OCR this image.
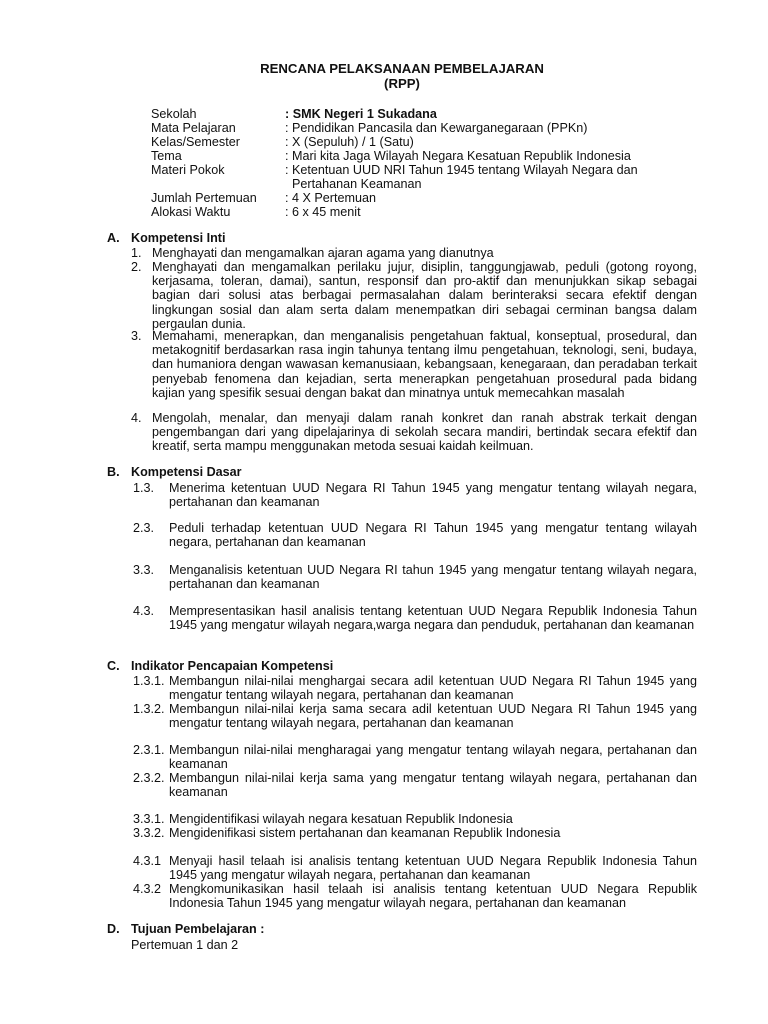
RENCANA PELAKSANAAN PEMBELAJARAN
(RPP)
Sekolah	: SMK Negeri 1 Sukadana
Mata Pelajaran	: Pendidikan Pancasila dan Kewarganegaraan (PPKn)
Kelas/Semester	: X (Sepuluh) / 1 (Satu)
Tema	: Mari kita Jaga Wilayah Negara Kesatuan Republik Indonesia
Materi Pokok	: Ketentuan UUD NRI Tahun 1945 tentang Wilayah Negara dan
Pertahanan Keamanan
Jumlah Pertemuan : 4 X Pertemuan
Alokasi Waktu	: 6 x 45 menit
A. Kompetensi Inti
1. Menghayati dan mengamalkan ajaran agama yang dianutnya
2. Menghayati dan mengamalkan perilaku jujur, disiplin, tanggungjawab, peduli (gotong royong, kerjasama, toleran, damai), santun, responsif dan pro-aktif dan menunjukkan sikap sebagai bagian dari solusi atas berbagai permasalahan dalam berinteraksi secara efektif dengan lingkungan sosial dan alam serta dalam menempatkan diri sebagai cerminan bangsa dalam pergaulan dunia.
3. Memahami, menerapkan, dan menganalisis pengetahuan faktual, konseptual, prosedural, dan metakognitif berdasarkan rasa ingin tahunya tentang ilmu pengetahuan, teknologi, seni, budaya, dan humaniora dengan wawasan kemanusiaan, kebangsaan, kenegaraan, dan peradaban terkait penyebab fenomena dan kejadian, serta menerapkan pengetahuan prosedural pada bidang kajian yang spesifik sesuai dengan bakat dan minatnya untuk memecahkan masalah
4. Mengolah, menalar, dan menyaji dalam ranah konkret dan ranah abstrak terkait dengan pengembangan dari yang dipelajarinya di sekolah secara mandiri, bertindak secara efektif dan kreatif, serta mampu menggunakan metoda sesuai kaidah keilmuan.
B. Kompetensi Dasar
1.3. Menerima ketentuan UUD Negara RI Tahun 1945 yang mengatur tentang wilayah negara, pertahanan dan keamanan
2.3. Peduli terhadap ketentuan UUD Negara RI Tahun 1945 yang mengatur tentang wilayah negara, pertahanan dan keamanan
3.3. Menganalisis ketentuan UUD Negara RI tahun 1945 yang mengatur tentang wilayah negara, pertahanan dan keamanan
4.3. Mempresentasikan hasil analisis tentang ketentuan UUD Negara Republik Indonesia Tahun 1945 yang mengatur wilayah negara,warga negara dan penduduk, pertahanan dan keamanan
C. Indikator Pencapaian Kompetensi
1.3.1. Membangun nilai-nilai menghargai secara adil ketentuan UUD Negara RI Tahun 1945 yang mengatur tentang wilayah negara, pertahanan dan keamanan
1.3.2. Membangun nilai-nilai kerja sama secara adil ketentuan UUD Negara RI Tahun 1945 yang mengatur tentang wilayah negara, pertahanan dan keamanan
2.3.1. Membangun nilai-nilai mengharagai yang mengatur tentang wilayah negara, pertahanan dan keamanan
2.3.2. Membangun nilai-nilai kerja sama yang mengatur tentang wilayah negara, pertahanan dan keamanan
3.3.1. Mengidentifikasi wilayah negara kesatuan Republik Indonesia
3.3.2. Mengidenifikasi sistem pertahanan dan keamanan Republik Indonesia
4.3.1 Menyaji hasil telaah isi analisis tentang ketentuan UUD Negara Republik Indonesia Tahun 1945 yang mengatur wilayah negara, pertahanan dan keamanan
4.3.2 Mengkomunikasikan hasil telaah isi analisis tentang ketentuan UUD Negara Republik Indonesia Tahun 1945 yang mengatur wilayah negara, pertahanan dan keamanan
D. Tujuan Pembelajaran :
Pertemuan 1 dan 2
